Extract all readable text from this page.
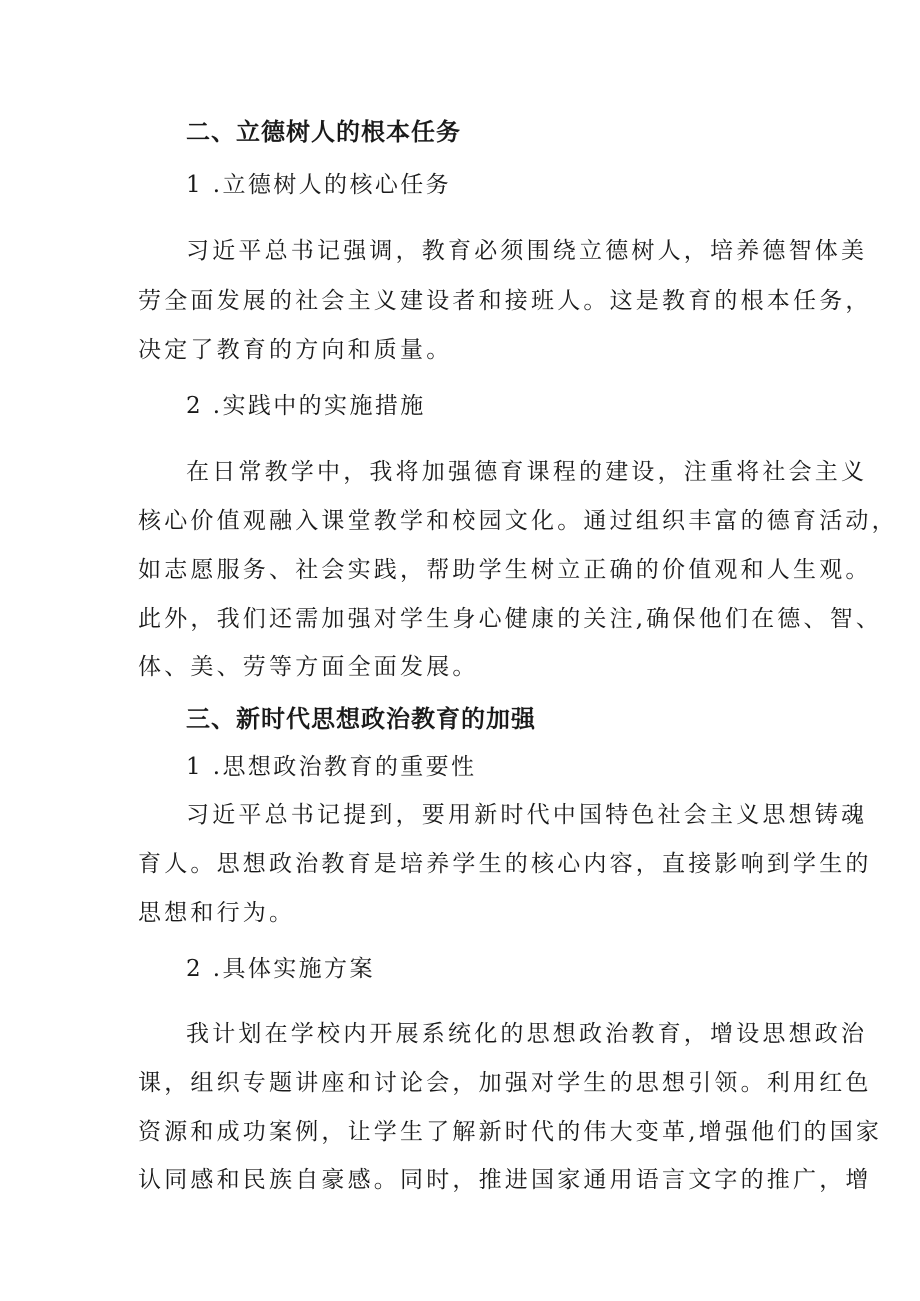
二、立德树人的根本任务
1 .立德树人的核心任务
习近平总书记强调，教育必须围绕立德树人，培养德智体美
劳全面发展的社会主义建设者和接班人。这是教育的根本任务，
决定了教育的方向和质量。
2 .实践中的实施措施
在日常教学中，我将加强德育课程的建设，注重将社会主义
核心价值观融入课堂教学和校园文化。通过组织丰富的德育活动，
如志愿服务、社会实践，帮助学生树立正确的价值观和人生观。
此外，我们还需加强对学生身心健康的关注,确保他们在德、智、
体、美、劳等方面全面发展。
三、新时代思想政治教育的加强
1 .思想政治教育的重要性
习近平总书记提到，要用新时代中国特色社会主义思想铸魂
育人。思想政治教育是培养学生的核心内容，直接影响到学生的
思想和行为。
2 .具体实施方案
我计划在学校内开展系统化的思想政治教育，增设思想政治
课，组织专题讲座和讨论会，加强对学生的思想引领。利用红色
资源和成功案例，让学生了解新时代的伟大变革,增强他们的国家
认同感和民族自豪感。同时，推进国家通用语言文字的推广，增
